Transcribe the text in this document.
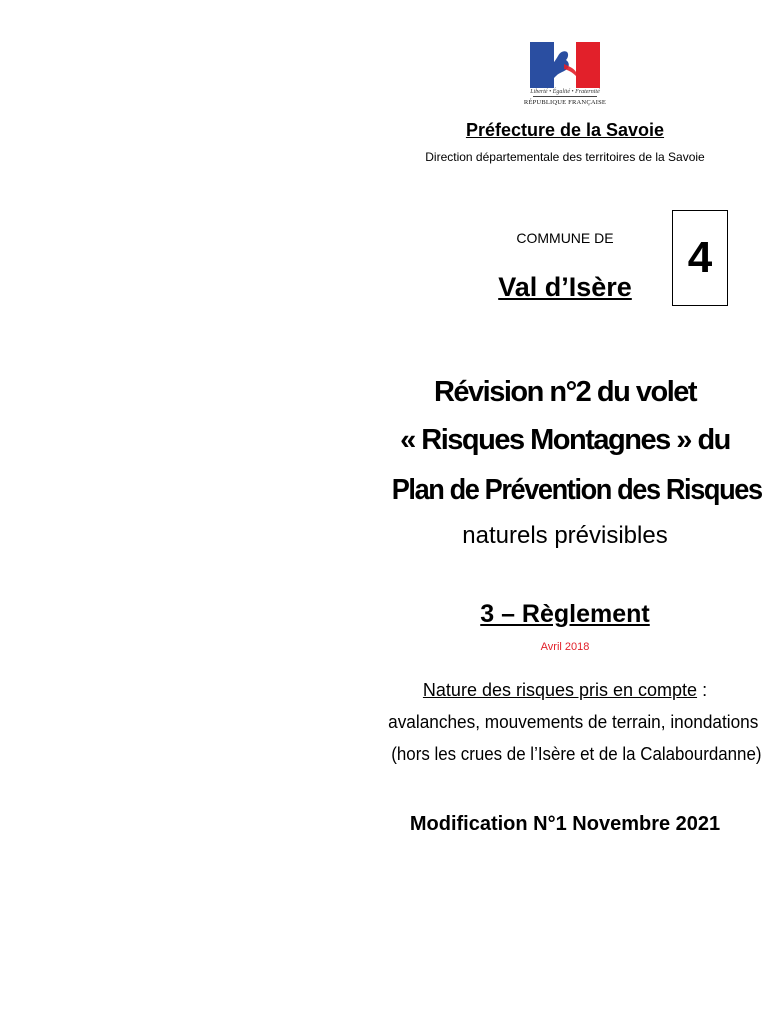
Liberté • Égalité • Fraternité
RÉPUBLIQUE FRANÇAISE
Préfecture de la Savoie
Direction départementale des territoires de la Savoie
COMMUNE DE
Val d’Isère
4
Révision n°2 du volet
« Risques Montagnes » du
Plan de Prévention des Risques
naturels prévisibles
3 – Règlement
Avril 2018
Nature des risques pris en compte :
avalanches, mouvements de terrain, inondations
(hors les crues de l’Isère et de la Calabourdanne)
Modification N°1 Novembre 2021
